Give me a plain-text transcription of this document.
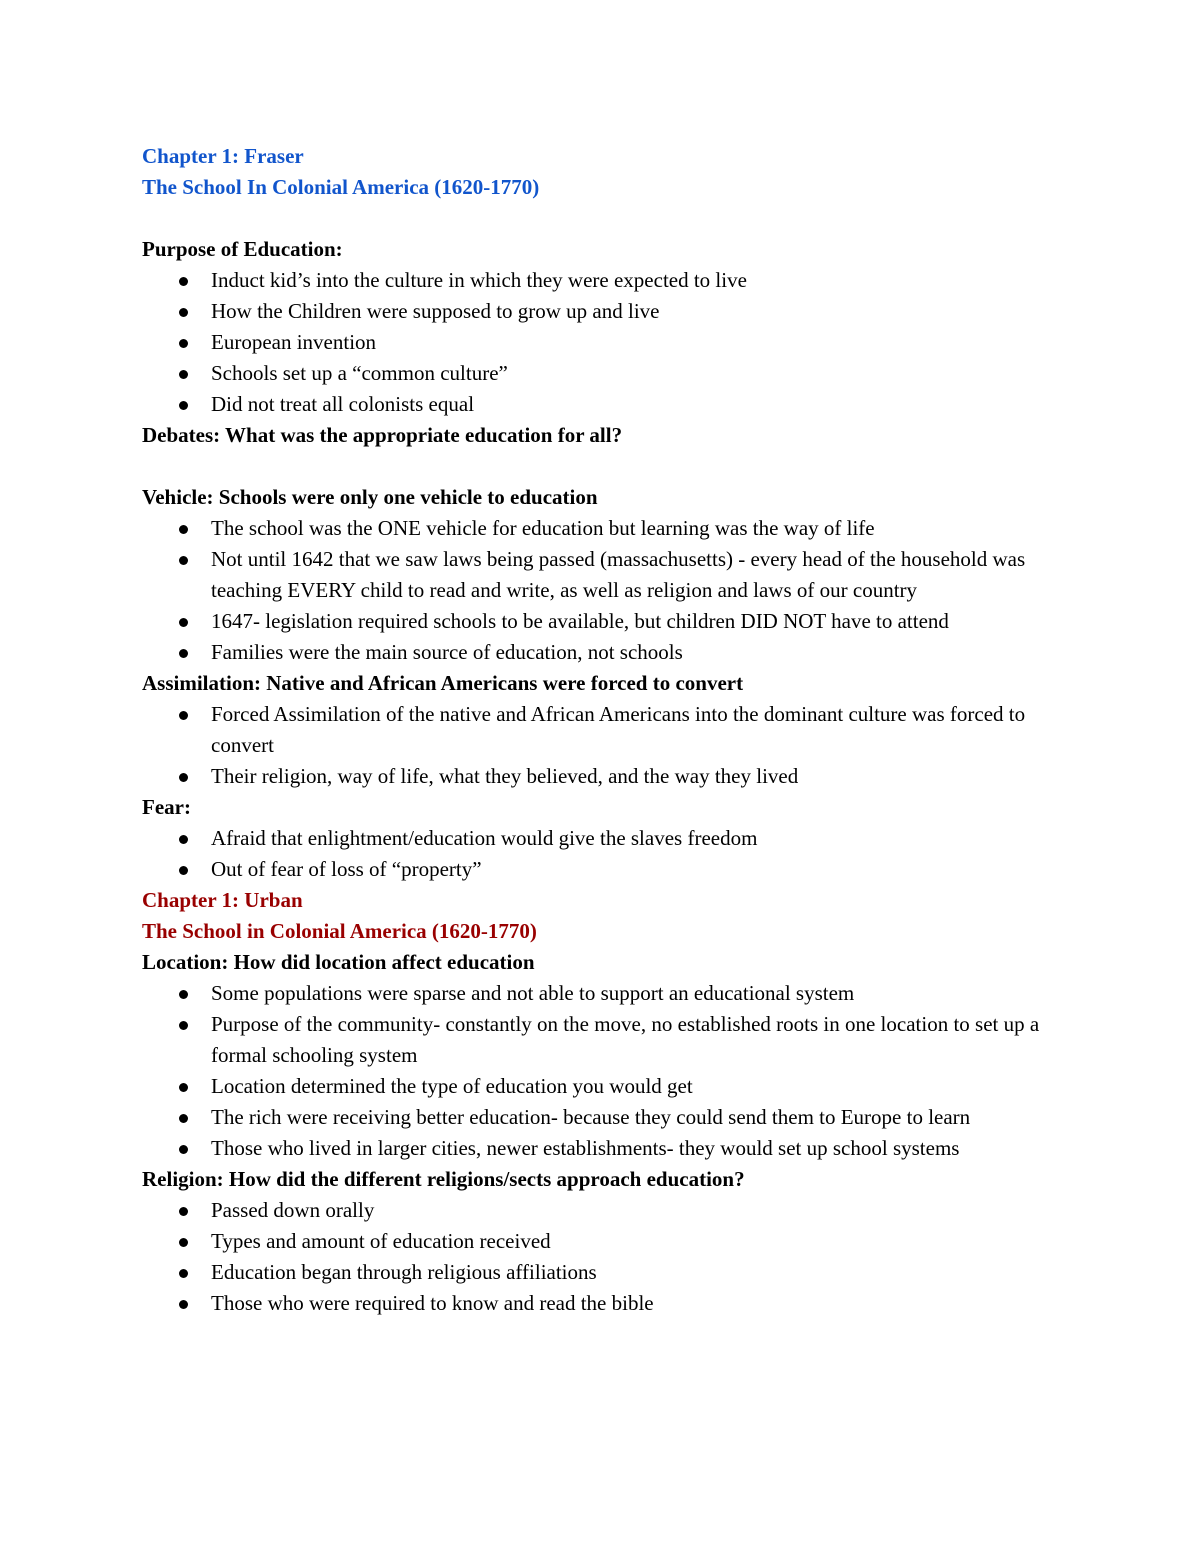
Chapter 1: Fraser
The School In Colonial America (1620-1770)
Purpose of Education:
Induct kid’s into the culture in which they were expected to live
How the Children were supposed to grow up and live
European invention
Schools set up a “common culture”
Did not treat all colonists equal
Debates: What was the appropriate education for all?
Vehicle: Schools were only one vehicle to education
The school was the ONE vehicle for education but learning was the way of life
Not until 1642 that we saw laws being passed (massachusetts) - every head of the household was teaching EVERY child to read and write, as well as religion and laws of our country
1647- legislation required schools to be available, but children DID NOT have to attend
Families were the main source of education, not schools
Assimilation: Native and African Americans were forced to convert
Forced Assimilation of the native and African Americans into the dominant culture was forced to convert
Their religion, way of life, what they believed, and the way they lived
Fear:
Afraid that enlightment/education would give the slaves freedom
Out of fear of loss of “property”
Chapter 1: Urban
The School in Colonial America (1620-1770)
Location: How did location affect education
Some populations were sparse and not able to support an educational system
Purpose of the community- constantly on the move, no established roots in one location to set up a formal schooling system
Location determined the type of education you would get
The rich were receiving better education- because they could send them to Europe to learn
Those who lived in larger cities, newer establishments- they would set up school systems
Religion: How did the different religions/sects approach education?
Passed down orally
Types and amount of education received
Education began through religious affiliations
Those who were required to know and read the bible
